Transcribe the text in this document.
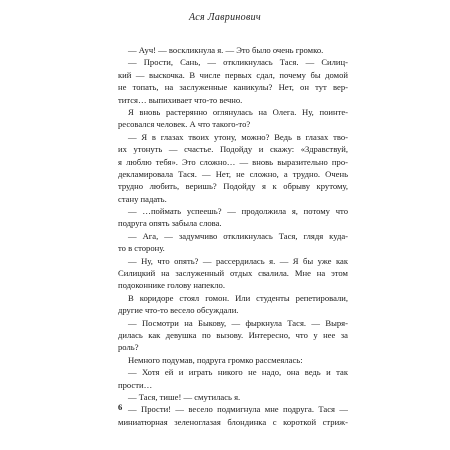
Ася Лавринович
— Ауч! — воскликнула я. — Это было очень громко.
— Прости, Сань, — откликнулась Тася. — Силиц-
кий — выскочка. В числе первых сдал, почему бы домой
не топать, на заслуженные каникулы? Нет, он тут вер-
тится… выпихивает что-то вечно.
Я вновь растерянно оглянулась на Олега. Ну, поинте-
ресовался человек. А что такого-то?
— Я в глазах твоих утону, можно? Ведь в глазах тво-
их утонуть — счастье. Подойду и скажу: «Здравствуй,
я люблю тебя». Это сложно… — вновь выразительно про-
декламировала Тася. — Нет, не сложно, а трудно. Очень
трудно любить, веришь? Подойду я к обрыву крутому,
стану падать.
— …поймать успеешь? — продолжила я, потому что
подруга опять забыла слова.
— Ага, — задумчиво откликнулась Тася, глядя куда-
то в сторону.
— Ну, что опять? — рассердилась я. — Я бы уже как
Силицкий на заслуженный отдых свалила. Мне на этом
подоконнике голову напекло.
В коридоре стоял гомон. Или студенты репетировали,
другие что-то весело обсуждали.
— Посмотри на Быкову, — фыркнула Тася. — Выря-
дилась как девушка по вызову. Интересно, что у нее за
роль?
Немного подумав, подруга громко рассмеялась:
— Хотя ей и играть никого не надо, она ведь и так
прости…
— Тася, тише! — смутилась я.
— Прости! — весело подмигнула мне подруга. Тася —
миниатюрная зеленоглазая блондинка с короткой стриж-
6
